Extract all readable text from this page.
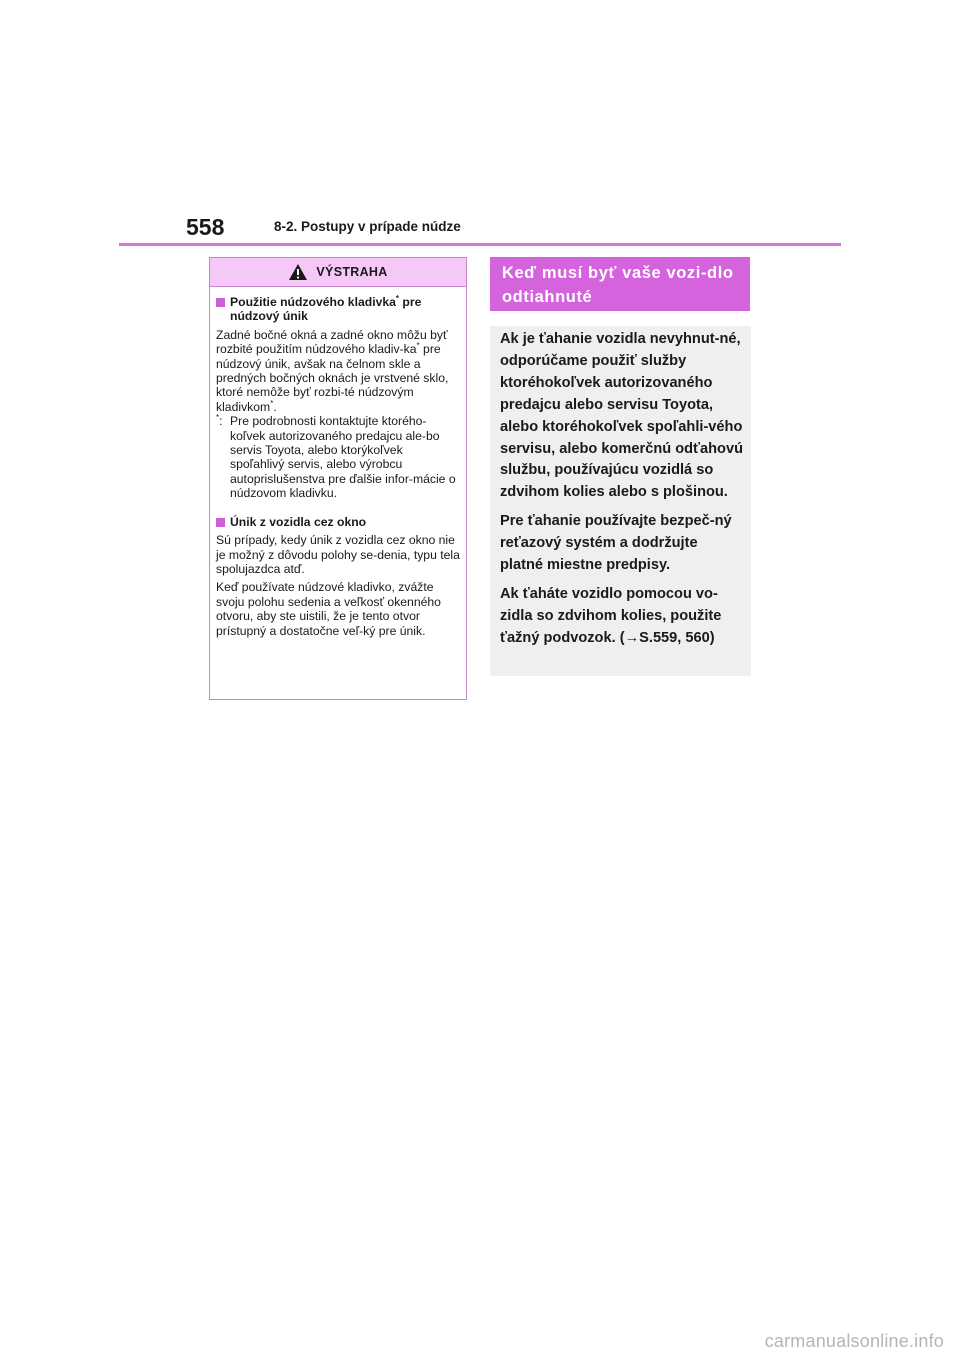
558	8-2. Postupy v prípade núdze
VÝSTRAHA
Použitie núdzového kladivka* pre núdzový únik
Zadné bočné okná a zadné okno môžu byť rozbité použitím núdzového kladiv-ka* pre núdzový únik, avšak na čelnom skle a predných bočných oknách je vrstvené sklo, ktoré nemôže byť rozbi-té núdzovým kladivkom*.
*: Pre podrobnosti kontaktujte ktorého-koľvek autorizovaného predajcu ale-bo servis Toyota, alebo ktorýkoľvek spoľahlivý servis, alebo výrobcu autoprislušenstva pre ďalšie infor-mácie o núdzovom kladivku.
Únik z vozidla cez okno
Sú prípady, kedy únik z vozidla cez okno nie je možný z dôvodu polohy se-denia, typu tela spolujazdca atď.
Keď používate núdzové kladivko, zvážte svoju polohu sedenia a veľkosť okenného otvoru, aby ste uistili, že je tento otvor prístupný a dostatočne veľ-ký pre únik.
Keď musí byť vaše vozi-dlo odtiahnuté

Ak je ťahanie vozidla nevyhnut-né, odporúčame použiť služby ktoréhokoľvek autorizovaného predajcu alebo servisu Toyota, alebo ktoréhokoľvek spoľahli-vého servisu, alebo komerčnú odťahovú službu, používajúcu vozidlá so zdvihom kolies alebo s plošinou.

Pre ťahanie používajte bezpeč-ný reťazový systém a dodržujte platné miestne predpisy.

Ak ťaháte vozidlo pomocou vo-zidla so zdvihom kolies, použite ťažný podvozok. (→S.559, 560)

carmanualsonline.info
